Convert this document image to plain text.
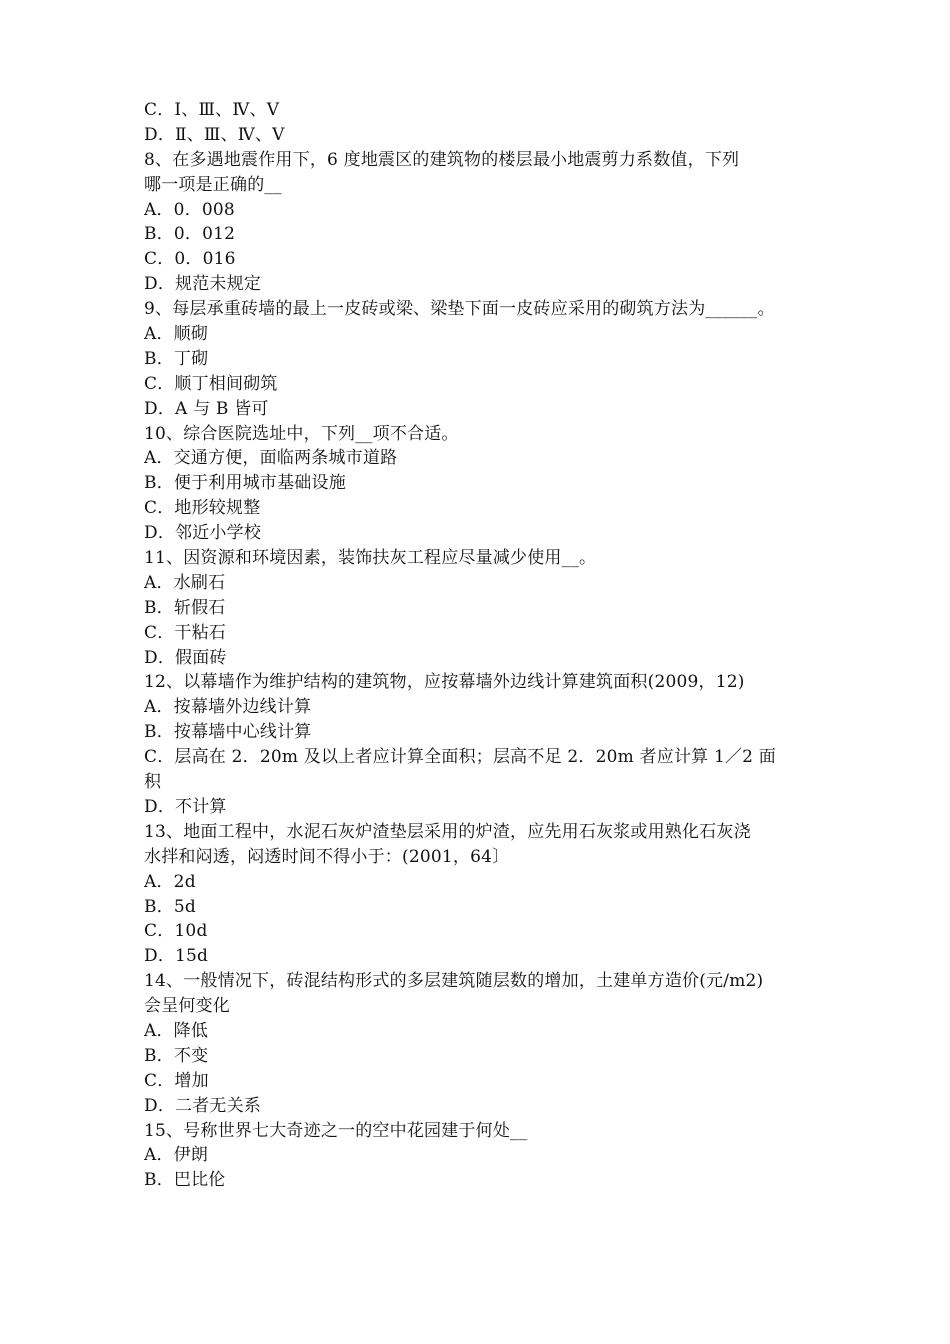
C．Ⅰ、Ⅲ、Ⅳ、Ⅴ
D．Ⅱ、Ⅲ、Ⅳ、Ⅴ
8、在多遇地震作用下，6 度地震区的建筑物的楼层最小地震剪力系数值，下列
哪一项是正确的__
A．0．008
B．0．012
C．0．016
D．规范未规定
9、每层承重砖墙的最上一皮砖或梁、梁垫下面一皮砖应采用的砌筑方法为______。
A．顺砌
B．丁砌
C．顺丁相间砌筑
D．A 与 B 皆可
10、综合医院选址中，下列__项不合适。
A．交通方便，面临两条城市道路
B．便于利用城市基础设施
C．地形较规整
D．邻近小学校
11、因资源和环境因素，装饰扶灰工程应尽量减少使用__。
A．水刷石
B．斩假石
C．干粘石
D．假面砖
12、以幕墙作为维护结构的建筑物，应按幕墙外边线计算建筑面积(2009，12)
A．按幕墙外边线计算
B．按幕墙中心线计算
C．层高在 2．20m 及以上者应计算全面积；层高不足 2．20m 者应计算 1／2 面
积
D．不计算
13、地面工程中，水泥石灰炉渣垫层采用的炉渣，应先用石灰浆或用熟化石灰浇
水拌和闷透，闷透时间不得小于：(2001，64〕
A．2d
B．5d
C．10d
D．15d
14、一般情况下，砖混结构形式的多层建筑随层数的增加，土建单方造价(元/m2)
会呈何变化
A．降低
B．不变
C．增加
D．二者无关系
15、号称世界七大奇迹之一的空中花园建于何处__
A．伊朗
B．巴比伦
